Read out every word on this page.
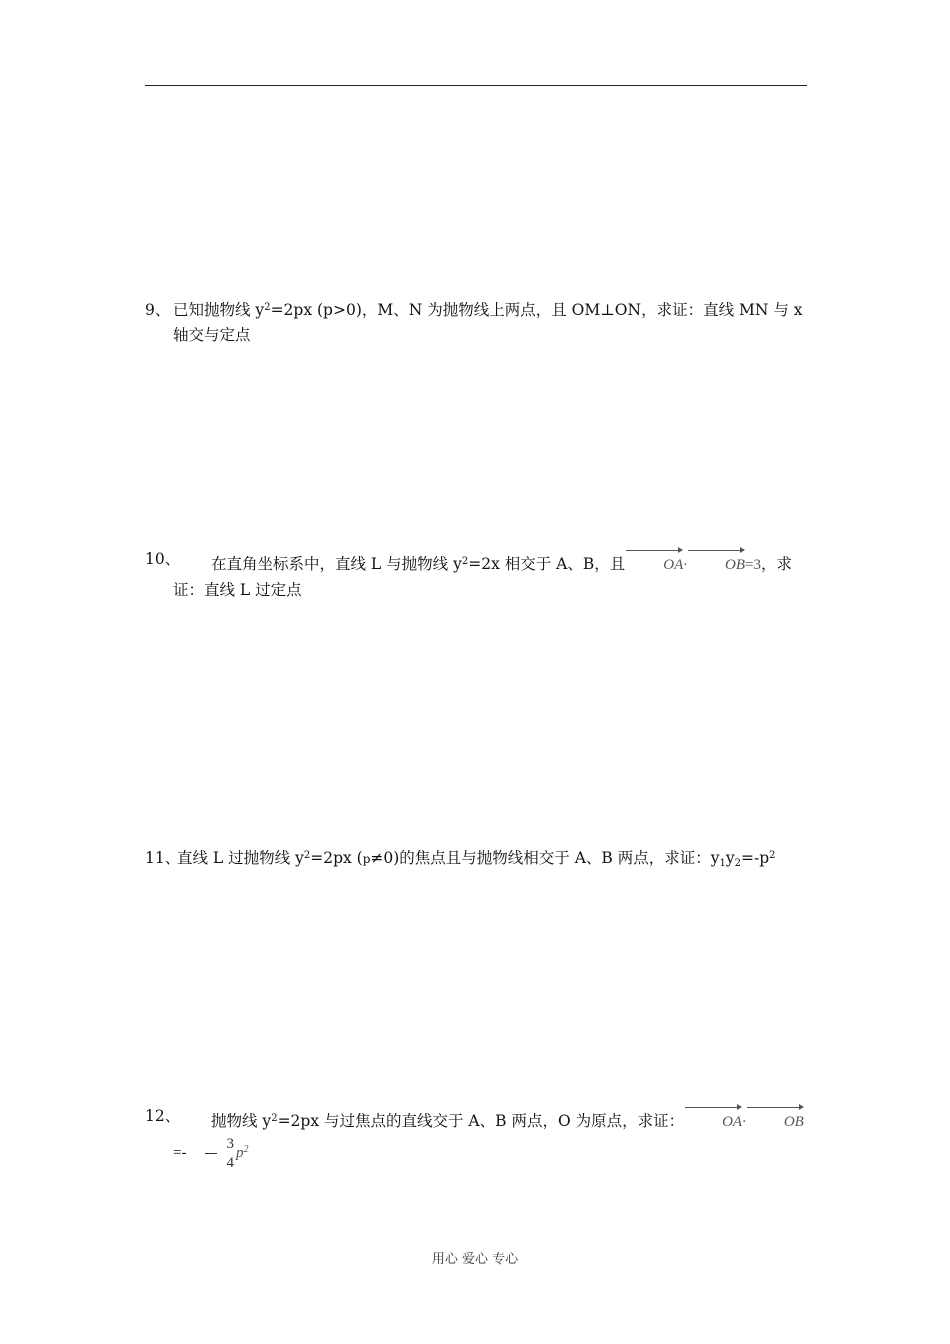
9、 已知抛物线 $y^2=2px$ (p>0)，M、N 为抛物线上两点，且 OM⊥ON，求证：直线 MN 与 x 轴交与定点
10、	在直角坐标系中，直线 L 与抛物线 $y^2=2x$ 相交于 A、B，且	OA·	OB=3，求证：直线 L 过定点
11、
直线 L 过抛物线 $y^2=2px$ (p≠0)的焦点且与抛物线相交于 A、B 两点，求证：$y_1y_2=-p^2$
12、	抛物线 $y^2=2px$ 与过焦点的直线交于 A、B 两点，O 为原点，求证：	OA·	$OB=- \frac{3}{4} p^2$
用心 爱心 专心
